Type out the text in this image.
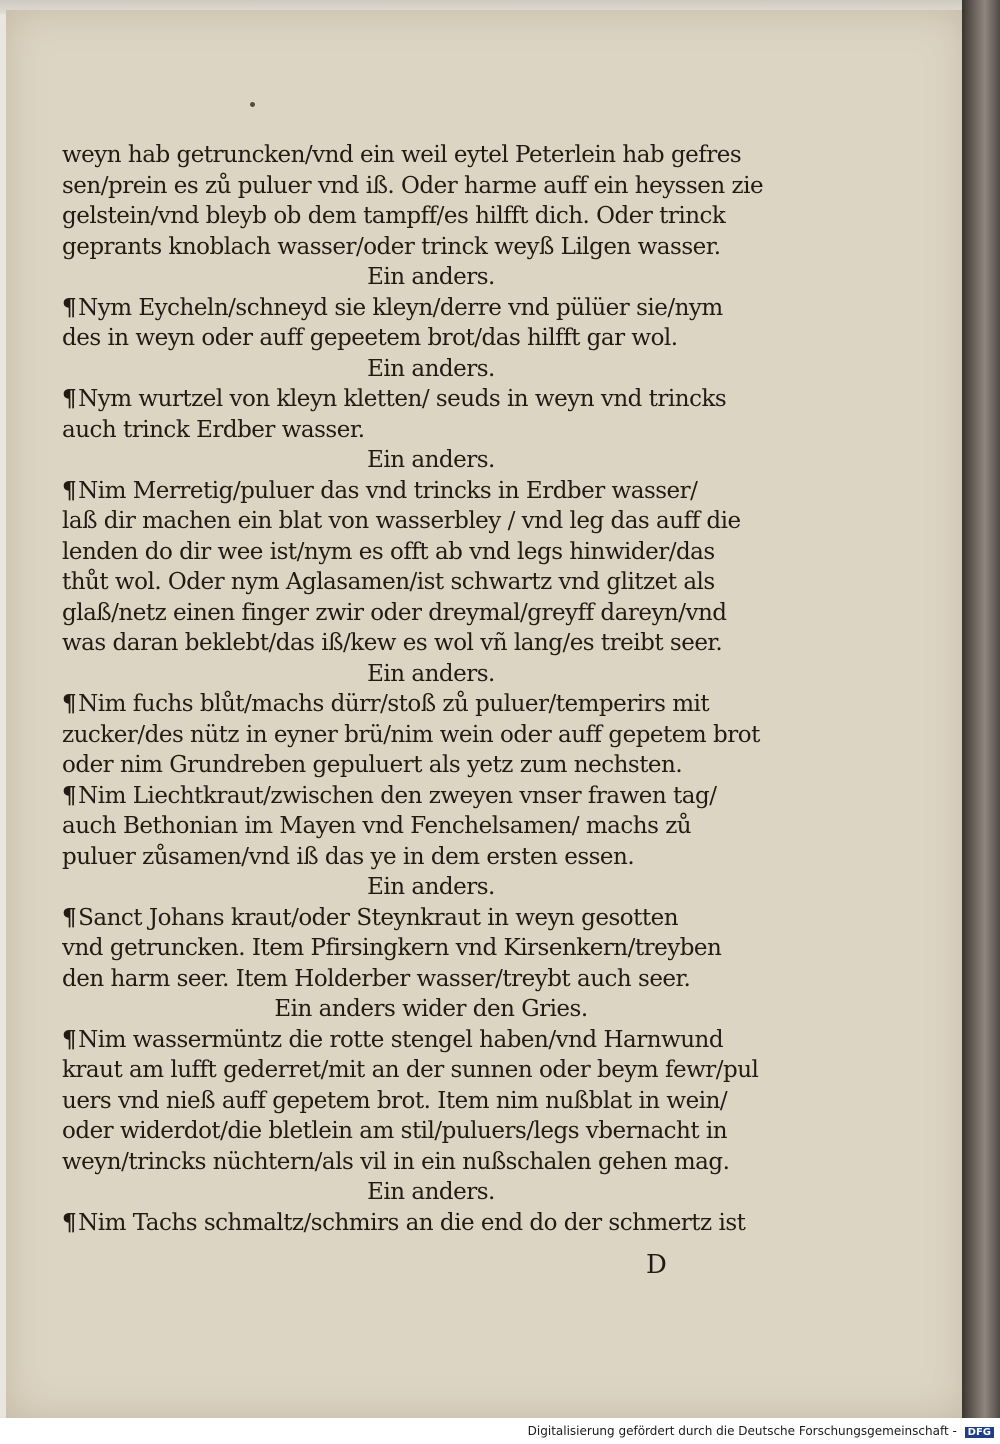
weyn hab getruncken/vnd ein weil eytel Peterlein hab gefres
sen/prein es zů puluer vnd iß. Oder harme auff ein heyssen zie
gelstein/vnd bleyb ob dem tampff/es hilfft dich. Oder trinck
geprants knoblach wasser/oder trinck weyß Lilgen wasser.
Ein anders.
¶Nym Eycheln/schneyd sie kleyn/derre vnd pülüer sie/nym
des in weyn oder auff gepeetem brot/das hilfft gar wol.
Ein anders.
¶Nym wurtzel von kleyn kletten/ seuds in weyn vnd trincks
auch trinck Erdber wasser.
Ein anders.
¶Nim Merretig/puluer das vnd trincks in Erdber wasser/
laß dir machen ein blat von wasserbley / vnd leg das auff die
lenden do dir wee ist/nym es offt ab vnd legs hinwider/das
thůt wol. Oder nym Aglasamen/ist schwartz vnd glitzet als
glaß/netz einen finger zwir oder dreymal/greyff dareyn/vnd
was daran beklebt/das iß/kew es wol vñ lang/es treibt seer.
Ein anders.
¶Nim fuchs blůt/machs dürr/stoß zů puluer/temperirs mit
zucker/des nütz in eyner brü/nim wein oder auff gepetem brot
oder nim Grundreben gepuluert als yetz zum nechsten.
¶Nim Liechtkraut/zwischen den zweyen vnser frawen tag/
auch Bethonian im Mayen vnd Fenchelsamen/ machs zů
puluer zůsamen/vnd iß das ye in dem ersten essen.
Ein anders.
¶Sanct Johans kraut/oder Steynkraut in weyn gesotten
vnd getruncken. Item Pfirsingkern vnd Kirsenkern/treyben
den harm seer. Item Holderber wasser/treybt auch seer.
Ein anders wider den Gries.
¶Nim wassermüntz die rotte stengel haben/vnd Harnwund
kraut am lufft gederret/mit an der sunnen oder beym fewr/pul
uers vnd nieß auff gepetem brot. Item nim nußblat in wein/
oder widerdot/die bletlein am stil/puluers/legs vbernacht in
weyn/trincks nüchtern/als vil in ein nußschalen gehen mag.
Ein anders.
¶Nim Tachs schmaltz/schmirs an die end do der schmertz ist
D
Digitalisierung gefördert durch die Deutsche Forschungsgemeinschaft - DFG
